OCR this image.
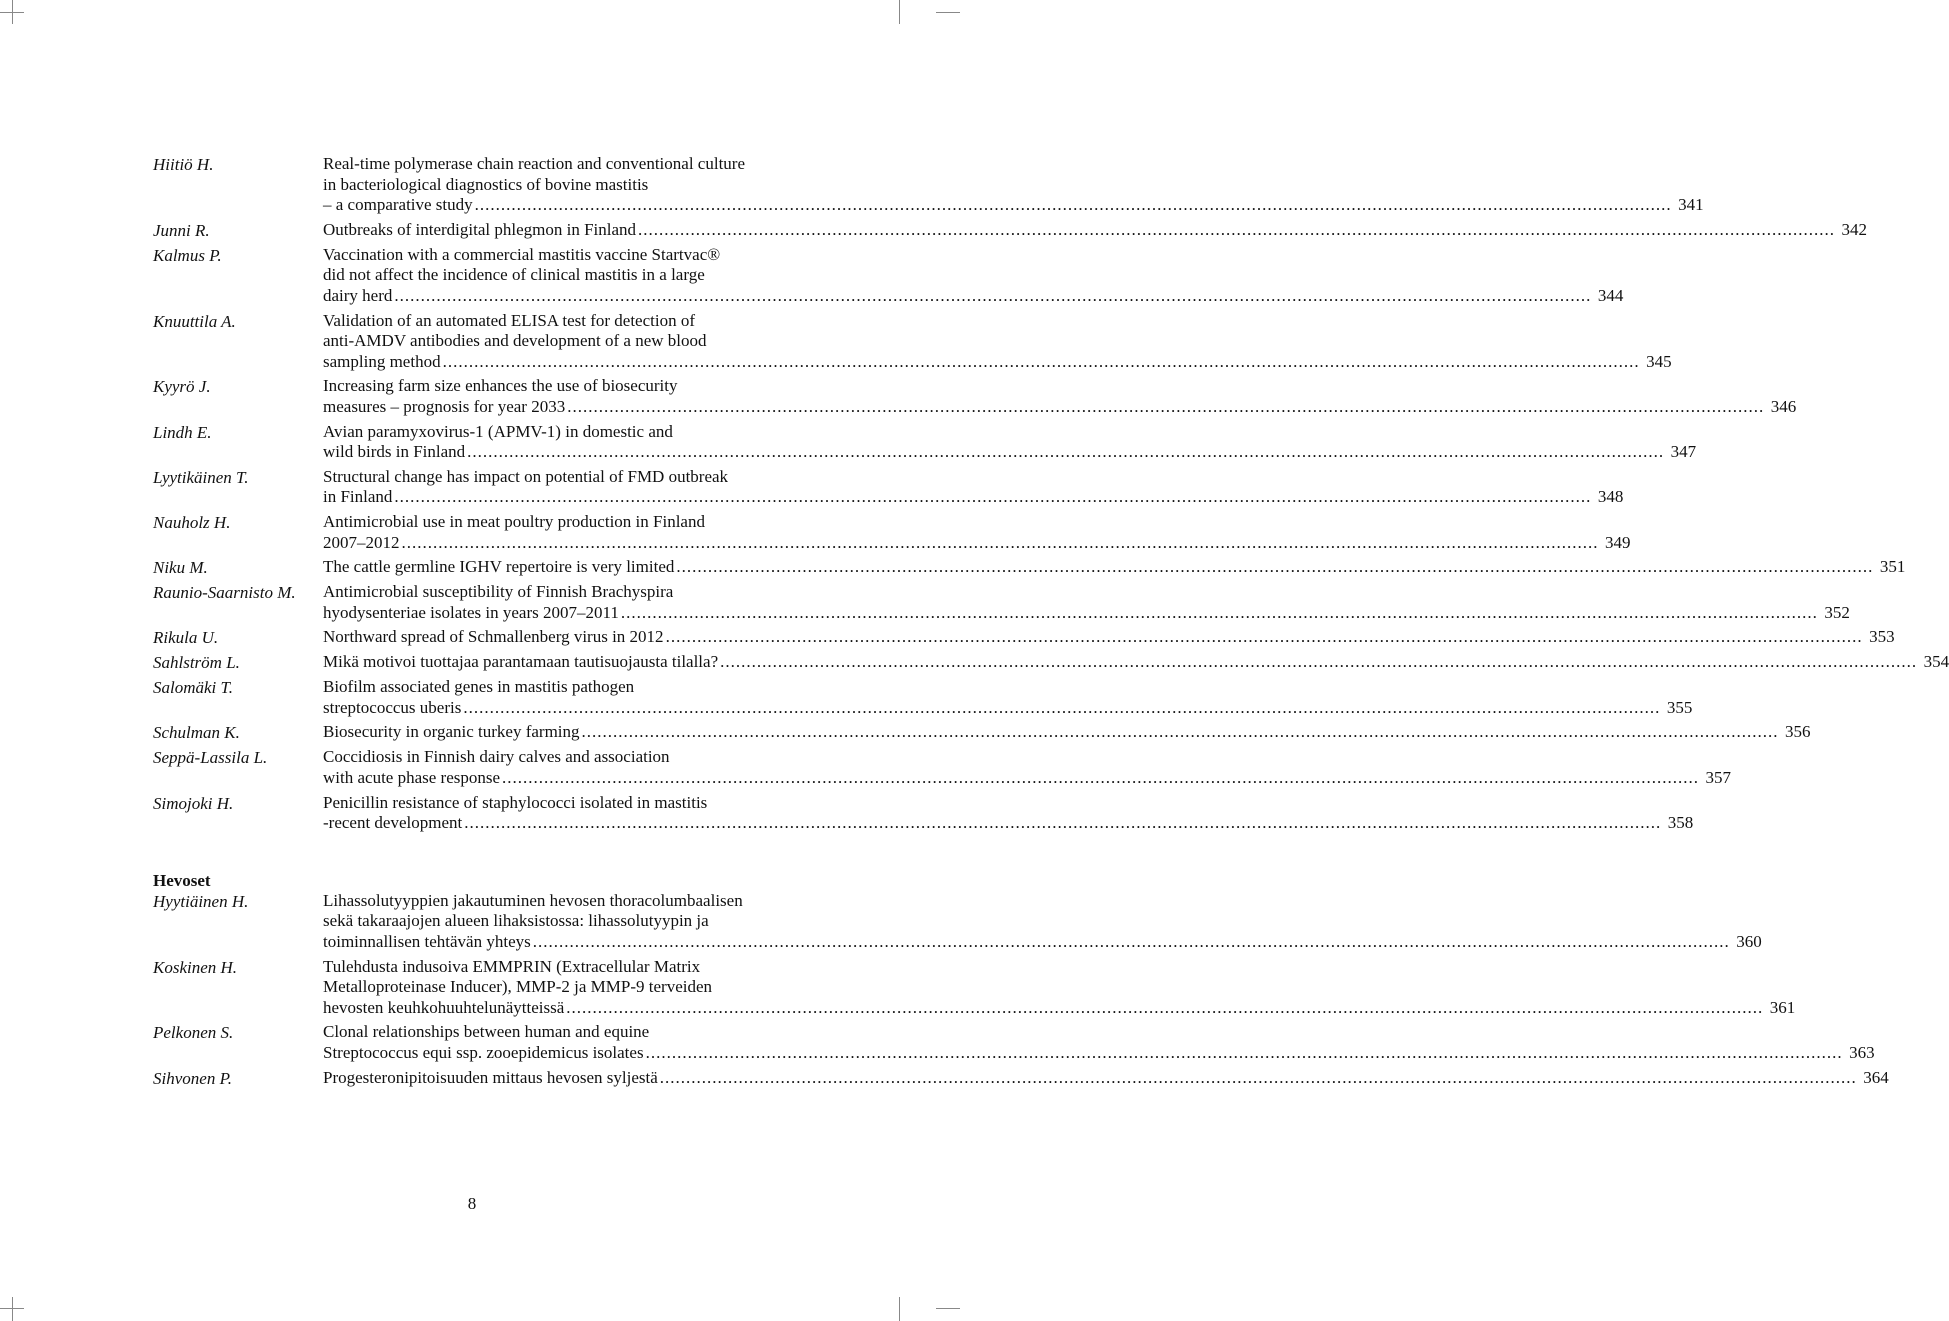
Hiitiö H.	Real-time polymerase chain reaction and conventional culture
in bacteriological diagnostics of bovine mastitis
– a comparative study .....	341
Junni R.	Outbreaks of interdigital phlegmon in Finland .....	342
Kalmus P.	Vaccination with a commercial mastitis vaccine Startvac®
did not affect the incidence of clinical mastitis in a large
dairy herd .....	344
Knuuttila A.	Validation of an automated ELISA test for detection of
anti-AMDV antibodies and development of a new blood
sampling method .....	345
Kyyrö J.	Increasing farm size enhances the use of biosecurity
measures – prognosis for year 2033 .....	346
Lindh E.	Avian paramyxovirus-1 (APMV-1) in domestic and
wild birds in Finland .....	347
Lyytikäinen T.	Structural change has impact on potential of FMD outbreak
in Finland .....	348
Nauholz H.	Antimicrobial use in meat poultry production in Finland
2007–2012 .....	349
Niku M.	The cattle germline IGHV repertoire is very limited .....	351
Raunio-Saarnisto M.	Antimicrobial susceptibility of Finnish Brachyspira
hyodysenteriae isolates in years 2007–2011 .....	352
Rikula U.	Northward spread of Schmallenberg virus in 2012 .....	353
Sahlström L.	Mikä motivoi tuottajaa parantamaan tautisuojausta tilalla? .....	354
Salomäki T.	Biofilm associated genes in mastitis pathogen
streptococcus uberis .....	355
Schulman K.	Biosecurity in organic turkey farming .....	356
Seppä-Lassila L.	Coccidiosis in Finnish dairy calves and association
with acute phase response .....	357
Simojoki H.	Penicillin resistance of staphylococci isolated in mastitis
-recent development .....	358
Hevoset
Hyytiäinen H.	Lihassolutyyppien jakautuminen hevosen thoracolumbaalisen
sekä takaraajojen alueen lihaksistossa: lihassolutyypin ja
toiminnallisen tehtävän yhteys .....	360
Koskinen H.	Tulehdusta indusoiva EMMPRIN (Extracellular Matrix
Metalloproteinase Inducer), MMP-2 ja MMP-9 terveiden
hevosten keuhkohuuhtelunäytteissä .....	361
Pelkonen S.	Clonal relationships between human and equine
Streptococcus equi ssp. zooepidemicus isolates .....	363
Sihvonen P.	Progesteronipitoisuuden mittaus hevosen syljestä .....	364
8
